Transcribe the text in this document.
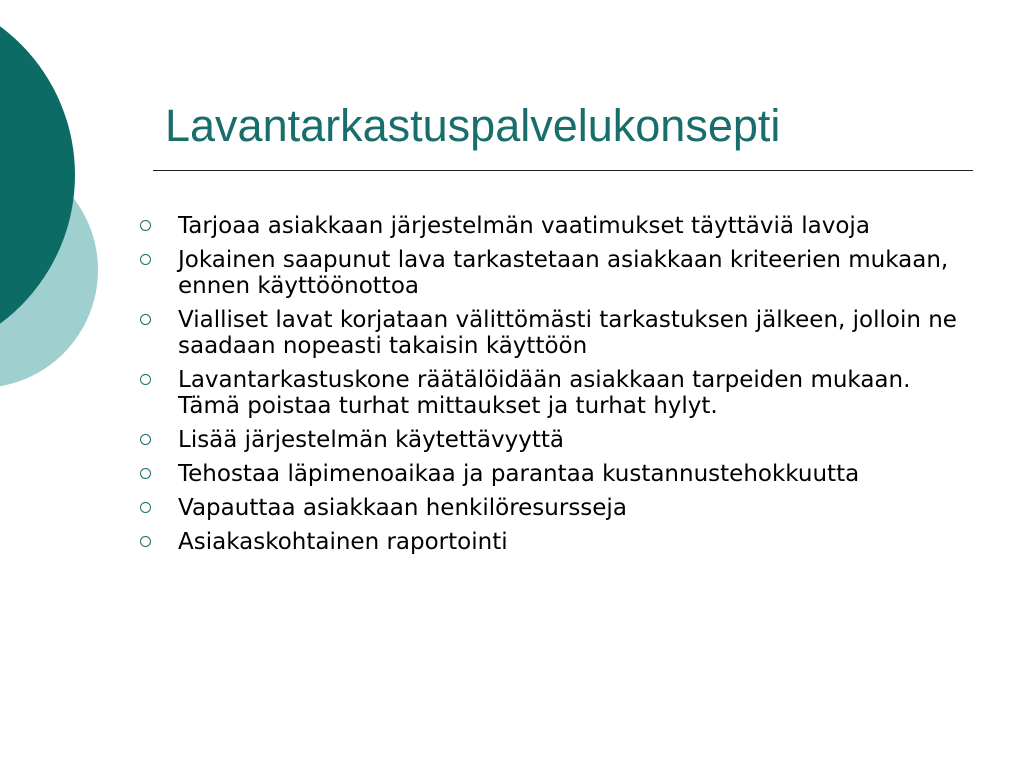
Lavantarkastuspalvelukonsepti
Tarjoaa asiakkaan järjestelmän vaatimukset täyttäviä lavoja
Jokainen saapunut lava tarkastetaan asiakkaan kriteerien mukaan, ennen käyttöönottoa
Vialliset lavat korjataan välittömästi tarkastuksen jälkeen, jolloin ne saadaan nopeasti takaisin käyttöön
Lavantarkastuskone räätälöidään asiakkaan tarpeiden mukaan. Tämä poistaa turhat mittaukset ja turhat hylyt.
Lisää järjestelmän käytettävyyttä
Tehostaa läpimenoaikaa ja parantaa kustannustehokkuutta
Vapauttaa asiakkaan henkilöresursseja
Asiakaskohtainen raportointi
